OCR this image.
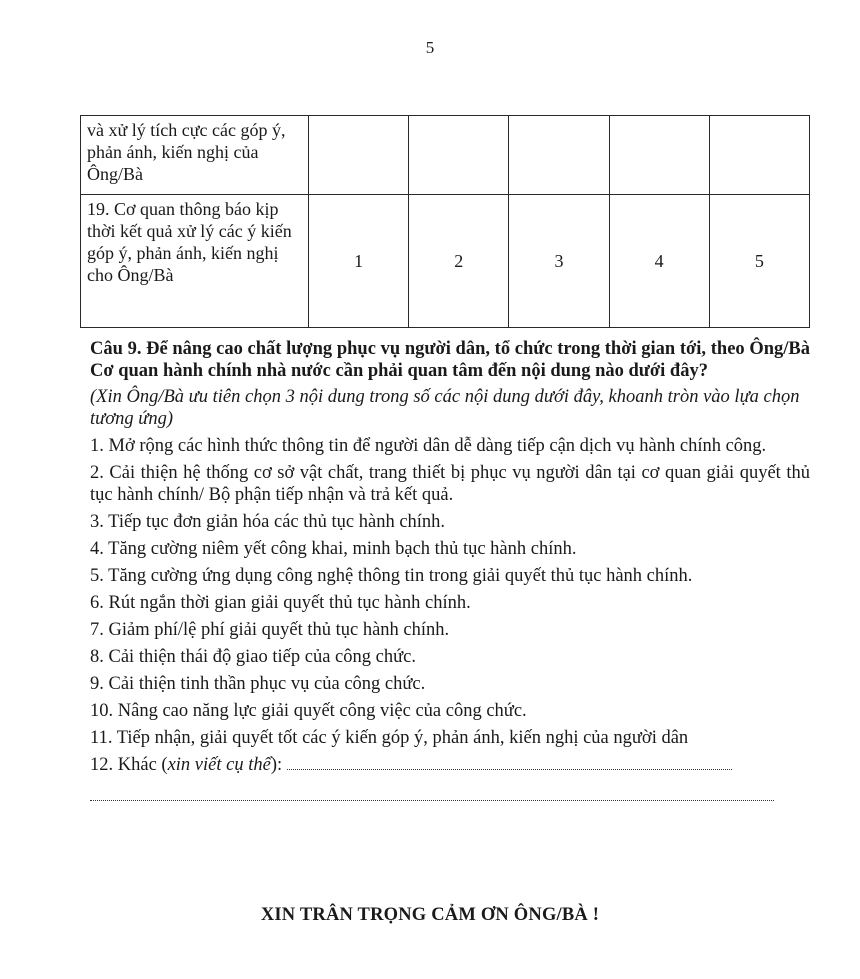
5
và xử lý tích cực các góp ý, phản ánh, kiến nghị của Ông/Bà					
19. Cơ quan thông báo kịp thời kết quả xử lý các ý kiến góp ý, phản ánh, kiến nghị cho Ông/Bà	1	2	3	4	5

Câu 9. Để nâng cao chất lượng phục vụ người dân, tổ chức trong thời gian tới, theo Ông/Bà Cơ quan hành chính nhà nước cần phải quan tâm đến nội dung nào dưới đây?

(Xin Ông/Bà ưu tiên chọn 3 nội dung trong số các nội dung dưới đây, khoanh tròn vào lựa chọn tương ứng)

1. Mở rộng các hình thức thông tin để người dân dễ dàng tiếp cận dịch vụ hành chính công.

2. Cải thiện hệ thống cơ sở vật chất, trang thiết bị phục vụ người dân tại cơ quan giải quyết thủ tục hành chính/ Bộ phận tiếp nhận và trả kết quả.

3. Tiếp tục đơn giản hóa các thủ tục hành chính.

4. Tăng cường niêm yết công khai, minh bạch thủ tục hành chính.

5. Tăng cường ứng dụng công nghệ thông tin trong giải quyết thủ tục hành chính.

6. Rút ngắn thời gian giải quyết thủ tục hành chính.

7. Giảm phí/lệ phí giải quyết thủ tục hành chính.

8. Cải thiện thái độ giao tiếp của công chức.

9. Cải thiện tinh thần phục vụ của công chức.

10. Nâng cao năng lực giải quyết công việc của công chức.

11. Tiếp nhận, giải quyết tốt các ý kiến góp ý, phản ánh, kiến nghị của người dân

12. Khác (xin viết cụ thể):

XIN TRÂN TRỌNG CẢM ƠN ÔNG/BÀ !
